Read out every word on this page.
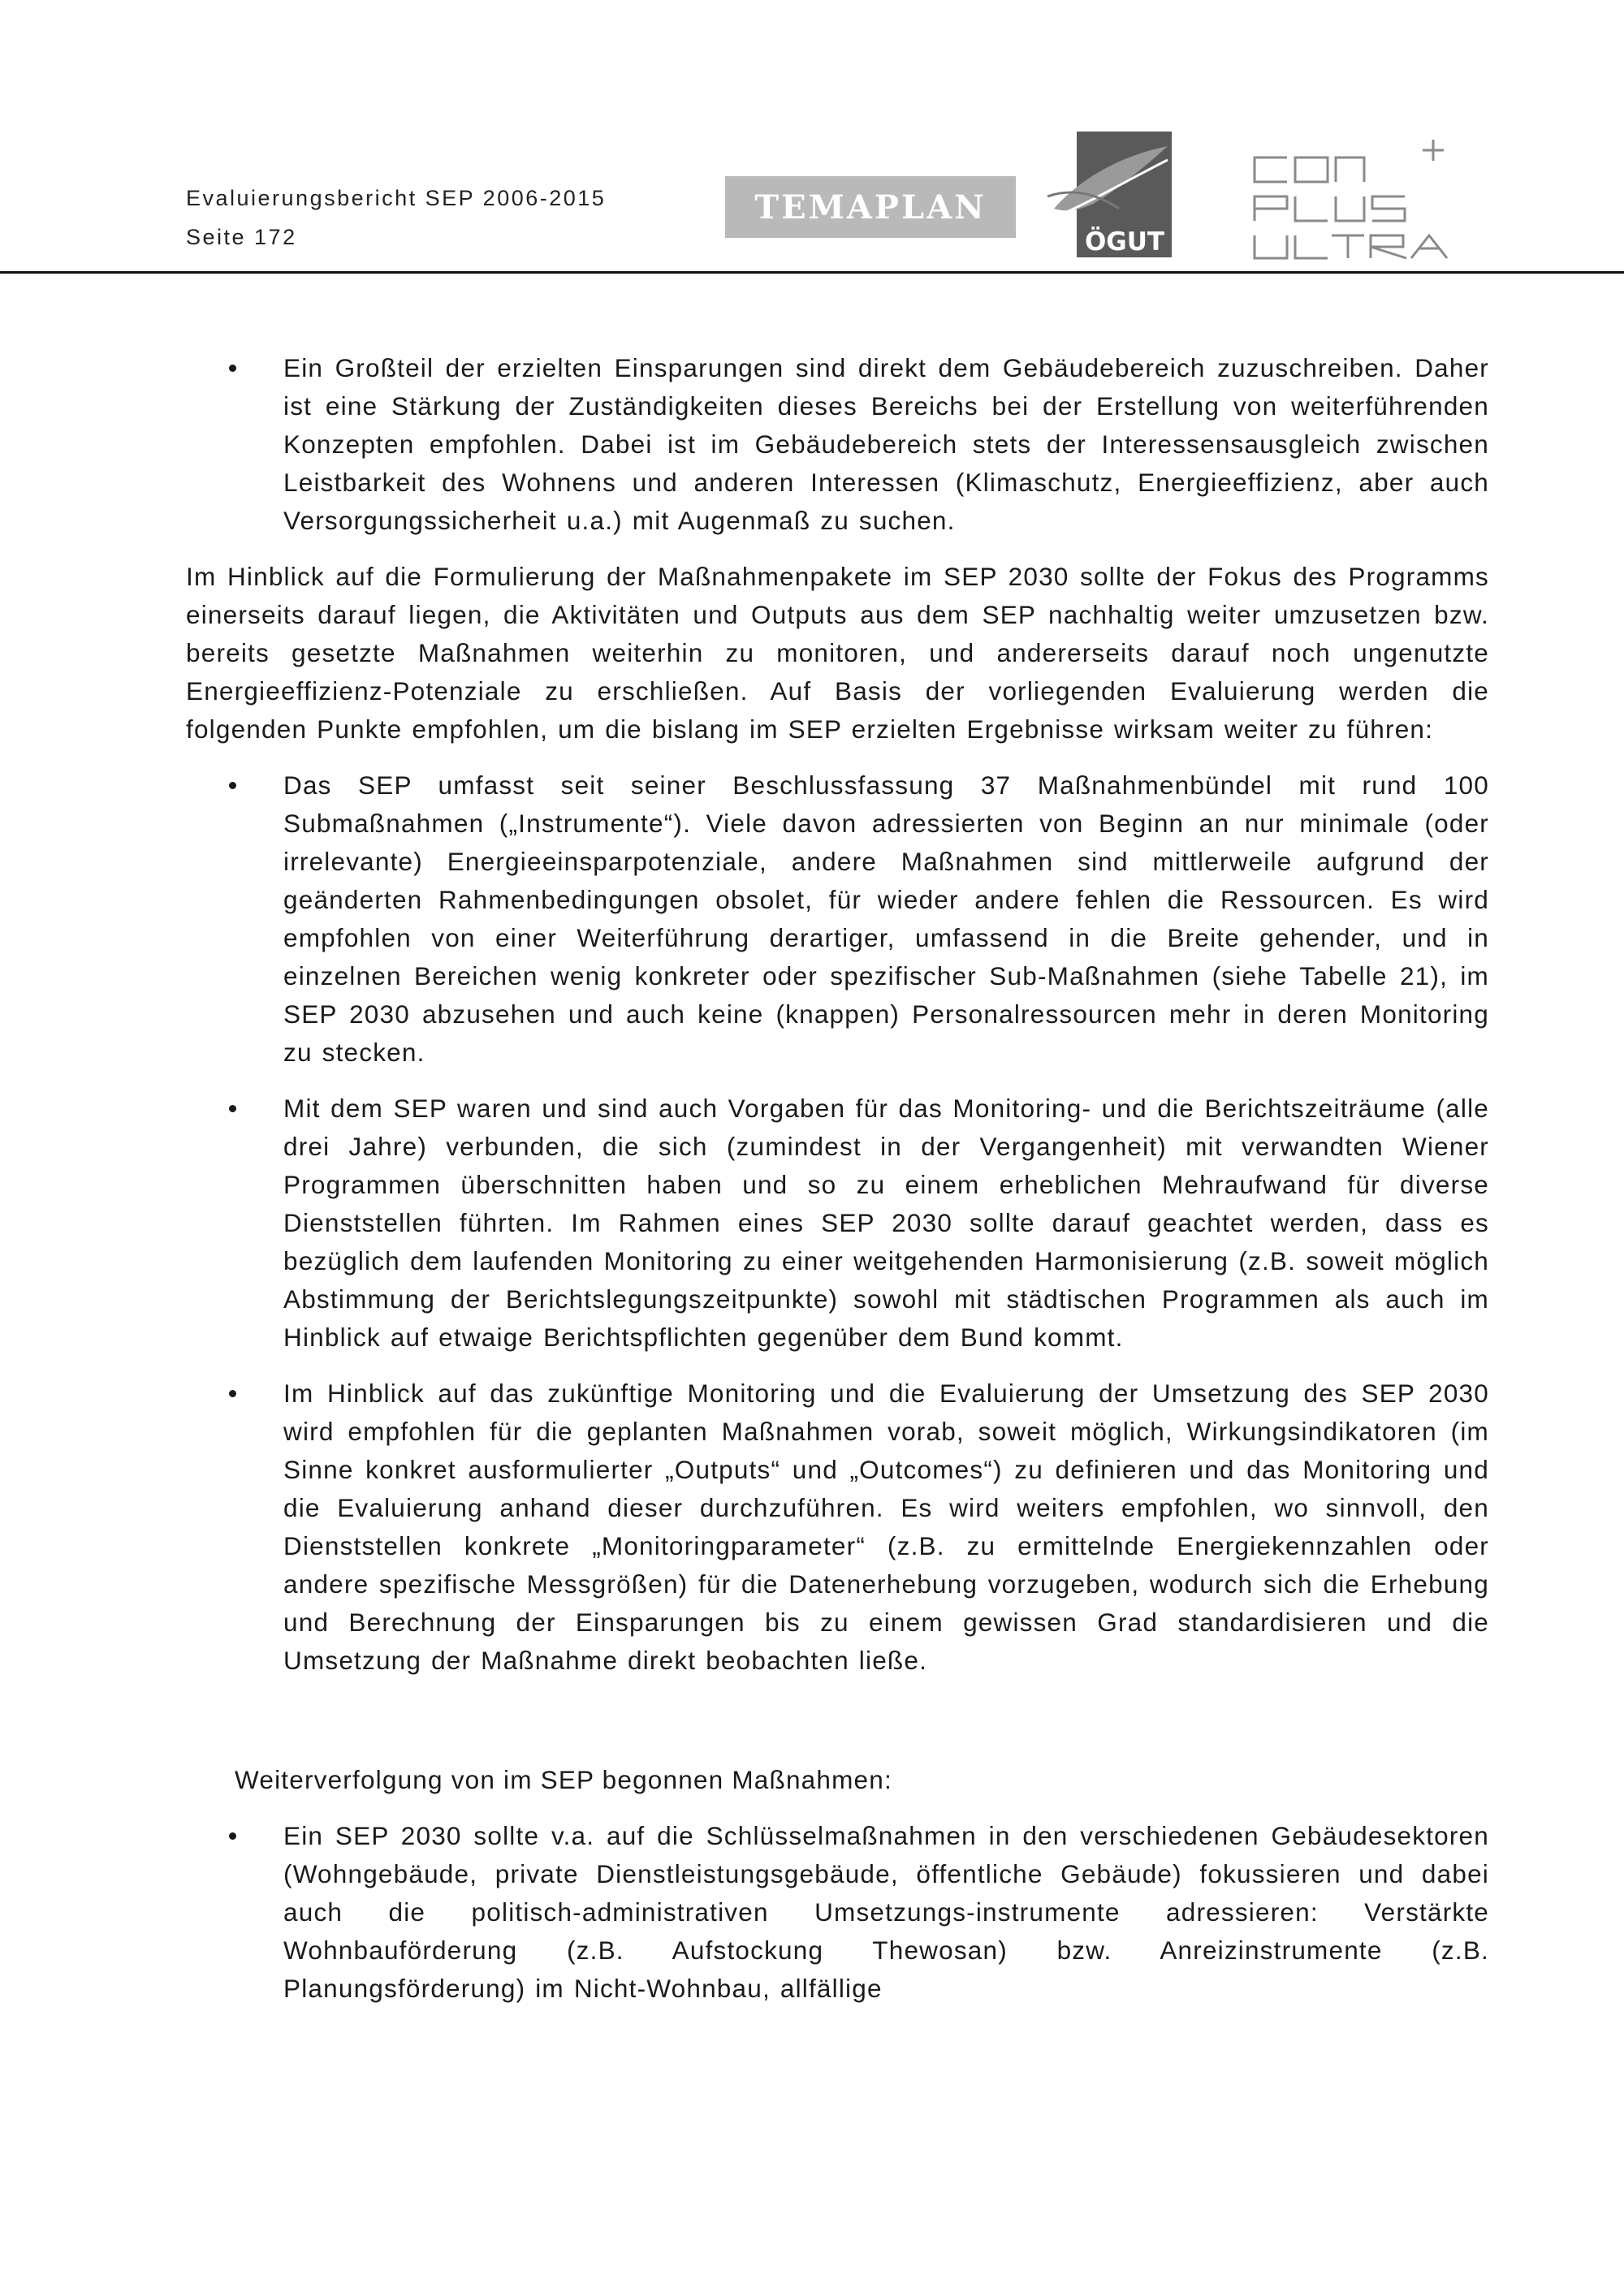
Evaluierungsbericht SEP 2006-2015
Seite 172
TEMAPLAN
ÖGUT

Ein Großteil der erzielten Einsparungen sind direkt dem Gebäudebereich zuzuschreiben. Daher ist eine Stärkung der Zuständigkeiten dieses Bereichs bei der Erstellung von weiterführenden Konzepten empfohlen. Dabei ist im Gebäudebereich stets der Interessensausgleich zwischen Leistbarkeit des Wohnens und anderen Interessen (Klimaschutz, Energieeffizienz, aber auch Versorgungssicherheit u.a.) mit Augenmaß zu suchen.

Im Hinblick auf die Formulierung der Maßnahmenpakete im SEP 2030 sollte der Fokus des Programms einerseits darauf liegen, die Aktivitäten und Outputs aus dem SEP nachhaltig weiter umzusetzen bzw. bereits gesetzte Maßnahmen weiterhin zu monitoren, und andererseits darauf noch ungenutzte Energieeffizienz-Potenziale zu erschließen. Auf Basis der vorliegenden Evaluierung werden die folgenden Punkte empfohlen, um die bislang im SEP erzielten Ergebnisse wirksam weiter zu führen:

Das SEP umfasst seit seiner Beschlussfassung 37 Maßnahmenbündel mit rund 100 Submaßnahmen („Instrumente“). Viele davon adressierten von Beginn an nur minimale (oder irrelevante) Energieeinsparpotenziale, andere Maßnahmen sind mittlerweile aufgrund der geänderten Rahmenbedingungen obsolet, für wieder andere fehlen die Ressourcen. Es wird empfohlen von einer Weiterführung derartiger, umfassend in die Breite gehender, und in einzelnen Bereichen wenig konkreter oder spezifischer Sub-Maßnahmen (siehe Tabelle 21), im SEP 2030 abzusehen und auch keine (knappen) Personalressourcen mehr in deren Monitoring zu stecken.

Mit dem SEP waren und sind auch Vorgaben für das Monitoring- und die Berichtszeiträume (alle drei Jahre) verbunden, die sich (zumindest in der Vergangenheit) mit verwandten Wiener Programmen überschnitten haben und so zu einem erheblichen Mehraufwand für diverse Dienststellen führten. Im Rahmen eines SEP 2030 sollte darauf geachtet werden, dass es bezüglich dem laufenden Monitoring zu einer weitgehenden Harmonisierung (z.B. soweit möglich Abstimmung der Berichtslegungszeitpunkte) sowohl mit städtischen Programmen als auch im Hinblick auf etwaige Berichtspflichten gegenüber dem Bund kommt.

Im Hinblick auf das zukünftige Monitoring und die Evaluierung der Umsetzung des SEP 2030 wird empfohlen für die geplanten Maßnahmen vorab, soweit möglich, Wirkungsindikatoren (im Sinne konkret ausformulierter „Outputs“ und „Outcomes“) zu definieren und das Monitoring und die Evaluierung anhand dieser durchzuführen. Es wird weiters empfohlen, wo sinnvoll, den Dienststellen konkrete „Monitoringparameter“ (z.B. zu ermittelnde Energiekennzahlen oder andere spezifische Messgrößen) für die Datenerhebung vorzugeben, wodurch sich die Erhebung und Berechnung der Einsparungen bis zu einem gewissen Grad standardisieren und die Umsetzung der Maßnahme direkt beobachten ließe.

Weiterverfolgung von im SEP begonnen Maßnahmen:

Ein SEP 2030 sollte v.a. auf die Schlüsselmaßnahmen in den verschiedenen Gebäudesektoren (Wohngebäude, private Dienstleistungsgebäude, öffentliche Gebäude) fokussieren und dabei auch die politisch-administrativen Umsetzungs-instrumente adressieren: Verstärkte Wohnbauförderung (z.B. Aufstockung Thewosan) bzw. Anreizinstrumente (z.B. Planungsförderung) im Nicht-Wohnbau, allfällige
